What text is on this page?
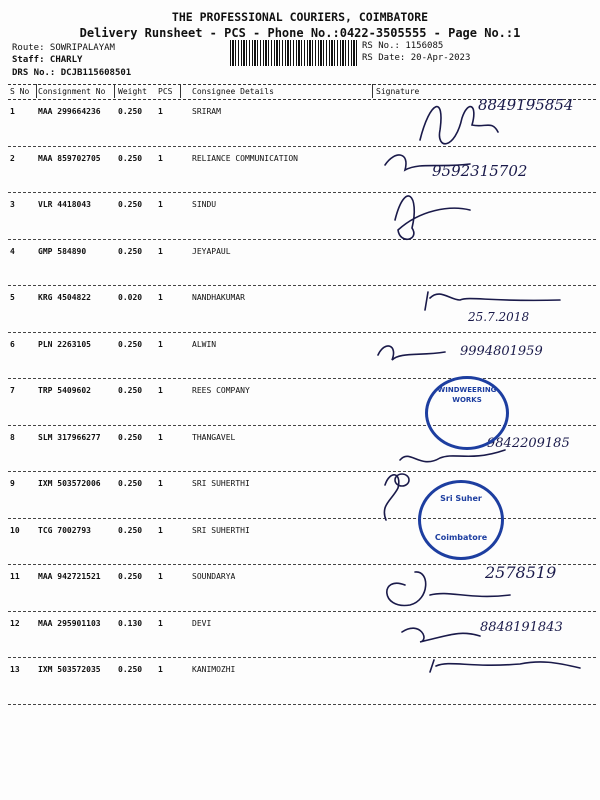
THE PROFESSIONAL COURIERS, COIMBATORE
Delivery Runsheet - PCS - Phone No.:0422-3505555 - Page No.:1
Route: SOWRIPALAYAM
Staff: CHARLY
DRS No.: DCJB115608501
RS No.: 1156085
RS Date: 20-Apr-2023
S No Consignment No Weight PCS Consignee Details	Signature
1	MAA 299664236 0.250 1	SRIRAM
2	MAA 859702705 0.250 1	RELIANCE COMMUNICATION
3	VLR 4418043	0.250 1	SINDU
4	GMP 584890	0.250 1	JEYAPAUL
5	KRG 4504822	0.020 1	NANDHAKUMAR
6	PLN 2263105	0.250 1	ALWIN
7	TRP 5409602	0.250 1	REES COMPANY
8	SLM 317966277 0.250 1	THANGAVEL
9	IXM 503572006 0.250 1	SRI SUHERTHI
10 TCG 7002793	0.250 1	SRI SUHERTHI
11 MAA 942721521 0.250 1	SOUNDARYA
12 MAA 295901103 0.130 1	DEVI
13 IXM 503572035 0.250 1	KANIMOZHI
8849195854
9592315702
25.7.2018
9994801959
9842209185
2578519
8848191843
WINDWEERING WORKS
Sri Suher
Coimbatore
